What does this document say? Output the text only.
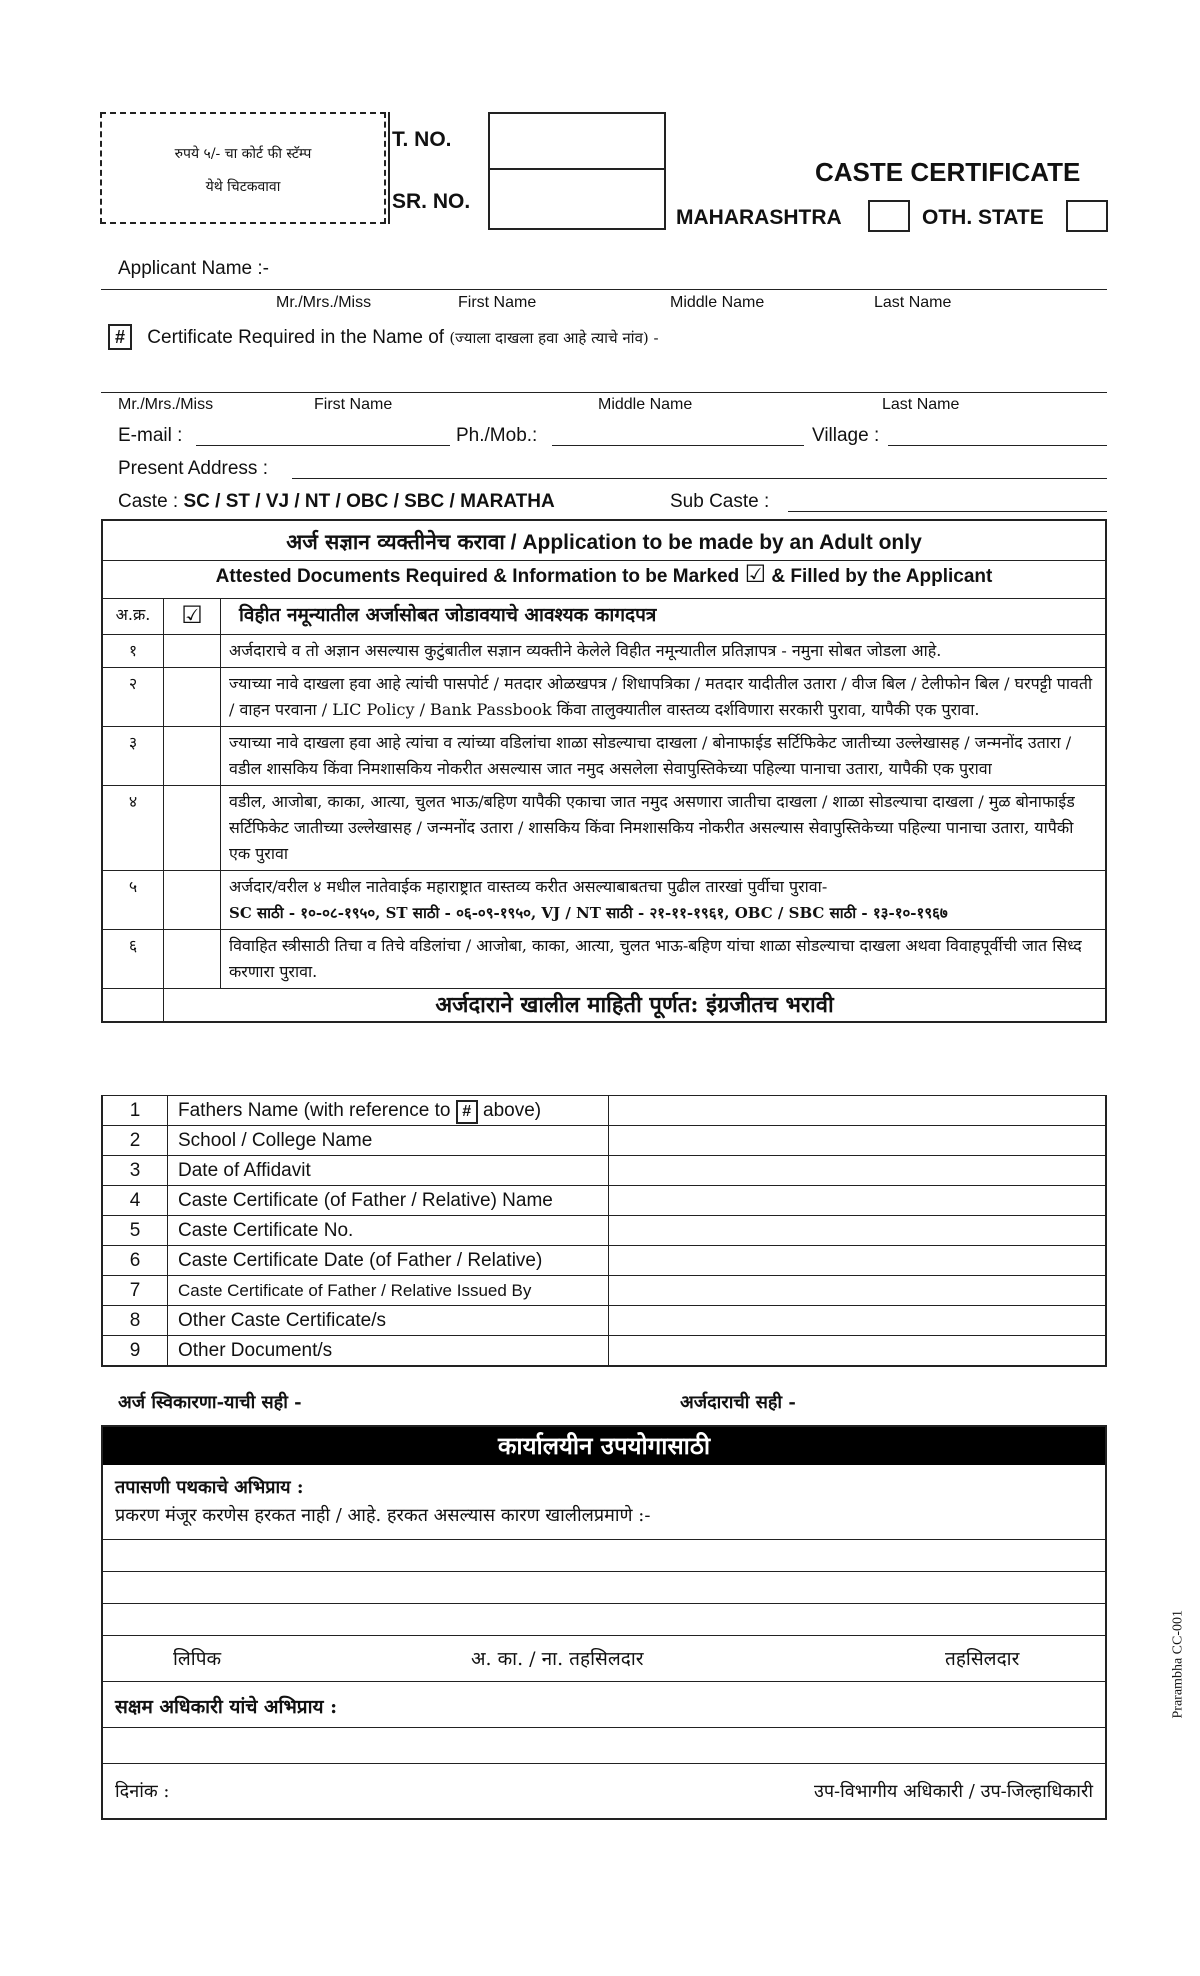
रुपये ५/- चा कोर्ट फी स्टॅम्प
येथे चिटकवावा
T. NO.
SR. NO.
CASTE CERTIFICATE
MAHARASHTRA	OTH. STATE
Applicant Name :-
Mr./Mrs./Miss	First Name	Middle Name	Last Name
# Certificate Required in the Name of (ज्याला दाखला हवा आहे त्याचे नांव) -
Mr./Mrs./Miss	First Name	Middle Name	Last Name
E-mail :	Ph./Mob.:	Village :
Present Address :
Caste : SC / ST / VJ / NT / OBC / SBC / MARATHA	Sub Caste :
अर्ज सज्ञान व्यक्तीनेच करावा / Application to be made by an Adult only		
Attested Documents Required & Information to be Marked ☑ & Filled by the Applicant		
अ.क्र.	☑	विहीत नमून्यातील अर्जासोबत जोडावयाचे आवश्यक कागदपत्र
१		अर्जदाराचे व तो अज्ञान असल्यास कुटुंबातील सज्ञान व्यक्तीने केलेले विहीत नमून्यातील प्रतिज्ञापत्र - नमुना सोबत जोडला आहे.
२		ज्याच्या नावे दाखला हवा आहे त्यांची पासपोर्ट / मतदार ओळखपत्र / शिधापत्रिका / मतदार यादीतील उतारा / वीज बिल / टेलीफोन बिल / घरपट्टी पावती / वाहन परवाना / LIC Policy / Bank Passbook किंवा तालुक्यातील वास्तव्य दर्शविणारा सरकारी पुरावा, यापैकी एक पुरावा.
३		ज्याच्या नावे दाखला हवा आहे त्यांचा व त्यांच्या वडिलांचा शाळा सोडल्याचा दाखला / बोनाफाईड सर्टिफिकेट जातीच्या उल्लेखासह / जन्मनोंद उतारा / वडील शासकिय किंवा निमशासकिय नोकरीत असल्यास जात नमुद असलेला सेवापुस्तिकेच्या पहिल्या पानाचा उतारा, यापैकी एक पुरावा
४		वडील, आजोबा, काका, आत्या, चुलत भाऊ/बहिण यापैकी एकाचा जात नमुद असणारा जातीचा दाखला / शाळा सोडल्याचा दाखला / मुळ बोनाफाईड सर्टिफिकेट जातीच्या उल्लेखासह / जन्मनोंद उतारा / शासकिय किंवा निमशासकिय नोकरीत असल्यास सेवापुस्तिकेच्या पहिल्या पानाचा उतारा, यापैकी एक पुरावा
५		अर्जदार/वरील ४ मधील नातेवाईक महाराष्ट्रात वास्तव्य करीत असल्याबाबतचा पुढील तारखां पुर्वीचा पुरावा-
SC साठी - १०-०८-१९५०, ST साठी - ०६-०९-१९५०, VJ / NT साठी - २१-११-१९६१, OBC / SBC साठी - १३-१०-१९६७

६		विवाहित स्त्रीसाठी तिचा व तिचे वडिलांचा / आजोबा, काका, आत्या, चुलत भाऊ-बहिण यांचा शाळा सोडल्याचा दाखला अथवा विवाहपूर्वीची जात सिध्द करणारा पुरावा.
	अर्जदाराने खालील माहिती पूर्णत: इंग्रजीतच भरावी	
1	Fathers Name (with reference to # above)	
2	School / College Name	
3	Date of Affidavit	
4	Caste Certificate (of Father / Relative) Name	
5	Caste Certificate No.	
6	Caste Certificate Date (of Father / Relative)	
7	Caste Certificate of Father / Relative Issued By	
8	Other Caste Certificate/s	
9	Other Document/s	
अर्ज स्विकारणा-याची सही -	अर्जदाराची सही -
कार्यालयीन उपयोगासाठी
तपासणी पथकाचे अभिप्राय :
प्रकरण मंजूर करणेस हरकत नाही / आहे. हरकत असल्यास कारण खालीलप्रमाणे :-
लिपिक	अ. का. / ना. तहसिलदार	तहसिलदार
सक्षम अधिकारी यांचे अभिप्राय :
दिनांक :	उप-विभागीय अधिकारी / उप-जिल्हाधिकारी
Prarambha CC-001
